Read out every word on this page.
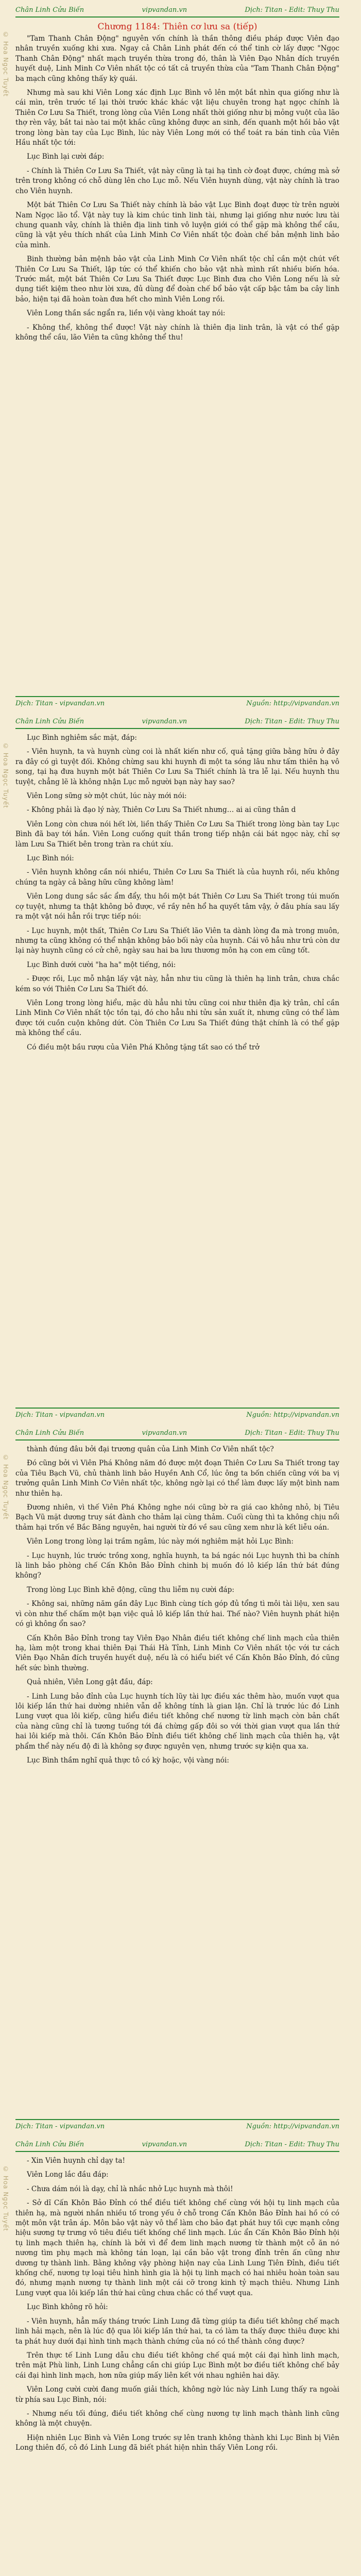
Chân Linh Cửu Biến	vipvandan.vn	Dịch: Titan - Edit: Thuy Thu
© Hoa Ngọc Tuyết
Chương 1184: Thiên cơ lưu sa (tiếp)

"Tam Thanh Chân Động" nguyên vốn chính là thần thông điều pháp được Viên đạo nhân truyền xuống khi xưa. Ngay cả Chân Linh phát đến có thể tinh cờ lấy được "Ngọc Thanh Chân Động" nhất mạch truyền thừa trong đó, thân là Viên Đạo Nhân đích truyền huyết duệ, Linh Minh Cơ Viên nhất tộc có tất cả truyền thừa của "Tam Thanh Chân Động" ba mạch cũng không thấy kỳ quái.

Nhưng mà sau khi Viên Long xác định Lục Bình vô lên một bắt nhìn qua giống như là cái mìn, trên trước tế lại thời trước khác khác vật liệu chuyên trong hạt ngọc chính là Thiên Cơ Lưu Sa Thiết, trong lòng của Viên Long nhất thời giống như bị mỏng vuột của lão thợ rèn vây, bắt tai nào tai một khắc cũng không được an sinh, đến quanh một hồi bảo vật trong lòng bàn tay của Lục Bình, lúc này Viên Long mới có thể toát ra bán tinh của Viên Hầu nhất tộc tới:

Lục Bình lại cười đáp:

- Chính là Thiên Cơ Lưu Sa Thiết, vật này cũng là tại hạ tình cờ đoạt được, chứng mà sở trên trong không có chỗ dùng lên cho Lục mỗ. Nếu Viên huynh dùng, vật này chính là trao cho Viên huynh.

Một bát Thiên Cơ Lưu Sa Thiết này chính là bảo vật Lục Bình đoạt được từ trên người Nam Ngọc lão tổ. Vật này tuy là kim chúc tinh linh tài, nhưng lại giống như nước lưu tài chung quanh vây, chính là thiên địa linh tinh vô luyện giới có thể gặp mà không thể cầu, cũng là vật yêu thích nhất của Linh Minh Cơ Viên nhất tộc đoàn chế bản mệnh linh bảo của mình.

Binh thường bản mệnh bảo vật của Linh Minh Cơ Viên nhất tộc chỉ cần một chút vết Thiên Cơ Lưu Sa Thiết, lập tức có thể khiến cho bảo vật nhà mình rất nhiều biến hóa. Trước mắt, một bát Thiên Cơ Lưu Sa Thiết được Lục Bình đưa cho Viên Long nếu là sử dụng tiết kiệm theo như lời xưa, đủ dùng để đoàn chế bổ bảo vật cấp bậc tâm ba cây linh bảo, hiện tại đã hoàn toàn đưa hết cho mình Viên Long rồi.

Viên Long thần sắc ngẩn ra, liền vội vàng khoát tay nói:

- Không thể, không thể được! Vật này chính là thiên địa linh trân, là vật có thể gặp không thể cầu, lão Viên ta cũng không thể thu!

Dịch: Titan - vipvandan.vn	Nguồn: http://vipvandan.vn
Chân Linh Cửu Biến	vipvandan.vn	Dịch: Titan - Edit: Thuy Thu
© Hoa Ngọc Tuyết

Lục Bình nghiêm sắc mặt, đáp:

- Viên huynh, ta và huynh cùng coi là nhất kiến như cố, quả tặng giữa bằng hữu ở đây ra đây có gì tuyệt đối. Không chừng sau khi huynh đi một ta sóng lâu như tấm thiên hạ vô song, tại hạ đưa huynh một bát Thiên Cơ Lưu Sa Thiết chính là tra lễ lại. Nếu huynh thu tuyệt, chẳng lẽ là không nhận Lục mỗ người bạn này hay sao?

Viên Long sững sờ một chút, lúc này mới nói:

- Không phải là đạo lý này, Thiên Cơ Lưu Sa Thiết nhưng… ai ai cũng thân d

Viên Long còn chưa nói hết lời, liền thấy Thiên Cơ Lưu Sa Thiết trong lòng bàn tay Lục Bình đã bay tới hắn. Viên Long cuống quít thần trong tiếp nhận cái bát ngọc này, chỉ sợ làm Lưu Sa Thiết bên trong tràn ra chút xíu.

Lục Bình nói:

- Viên huynh không cần nói nhiều, Thiên Cơ Lưu Sa Thiết là của huynh rồi, nếu không chúng ta ngày cả bằng hữu cũng không làm!

Viên Long dung sắc sắc ẩm đẩy, thu hồi một bát Thiên Cơ Lưu Sa Thiết trong túi muốn cợ tuyệt, nhưng ta thật không bỏ được, về rầy nên hổ ha quyết tâm vậy, ở đâu phía sau lấy ra một vật nói hẳn rồi trực tiếp nói:

- Lục huynh, một thất, Thiên Cơ Lưu Sa Thiết lão Viên ta dành lòng đa mà trong muôn, nhưng ta cũng không có thể nhận không bảo bối này của huynh. Cái vô hẳu như trú còn dư lại này huynh cũng có cử chê, ngày sau hai ba lưu thương môn hạ con em cũng tốt.

Lục Bình dưới cười "ha ha" một tiếng, nói:

- Được rồi, Lục mỗ nhận lấy vật này, hẳn như tiu cũng là thiên hạ linh trân, chưa chắc kém so với Thiên Cơ Lưu Sa Thiết đó.

Viên Long trong lòng hiểu, mặc dù hẳu nhi tửu cũng coi như thiên địa kỳ trân, chỉ cần Linh Minh Cơ Viên nhất tộc tồn tại, đó cho hẳu nhi tửu sản xuất ít, nhưng cũng có thể làm được tới cuồn cuộn không dứt. Còn Thiên Cơ Lưu Sa Thiết đúng thật chính là có thể gặp mà không thể cầu.

Có điều một bầu rượu của Viên Phá Không tặng tất sao có thể trở

Dịch: Titan - vipvandan.vn	Nguồn: http://vipvandan.vn
Chân Linh Cửu Biến	vipvandan.vn	Dịch: Titan - Edit: Thuy Thu
© Hoa Ngọc Tuyết

thành đúng đâu bởi đại trương quân của Linh Minh Cơ Viên nhất tộc?

Đó cũng bởi vì Viên Phá Không năm đó được một đoạn Thiên Cơ Lưu Sa Thiết trong tay của Tiêu Bạch Vũ, chủ thành linh bảo Huyền Anh Cổ, lúc ông ta bốn chiến cũng với ba vị trưởng quân Linh Minh Cơ Viên nhất tộc, không ngờ lại có thể làm được lấy một bình nam như thiên hạ.

Đương nhiên, vì thế Viên Phá Không nghe nói cũng bờ ra giá cao không nhỏ, bị Tiêu Bạch Vũ mặt dương truy sát đành cho thảm lại cùng thảm. Cuối cùng thì ta không chịu nổi thảm hại trốn về Bắc Băng nguyên, hai người từ đó về sau cũng xem như là kết liễu oán.

Viên Long trong lòng lại trầm ngâm, lúc này mới nghiêm mặt hỏi Lục Bình:

- Lục huynh, lúc trước trồng xong, nghĩa huynh, ta bá ngác nói Lục huynh thì ba chính là linh bảo phòng chế Cấn Khôn Bảo Đỉnh chinh bị muốn đó lô kiếp lần thứ bát đúng không?

Trong lòng Lục Bình khẽ động, cũng thu liễm nụ cười đáp:

- Không sai, những năm gần đây Lục Bình cùng tích góp đủ tổng tì môi tài liệu, xen sau vì còn như thế chấm một bạn việc quả lô kiếp lần thứ hai. Thế nào? Viên huynh phát hiện có gì không ổn sao?

Cấn Khôn Bảo Đỉnh trong tay Viên Đạo Nhân điều tiết không chế linh mạch của thiên hạ, làm một trong khai thiên Đại Thái Hà Tỉnh, Linh Minh Cơ Viên nhất tộc với tư cách Viên Đạo Nhân đích truyền huyết duệ, nếu là có hiểu biết về Cấn Khôn Bảo Đỉnh, đó cũng hết sức bình thường.

Quả nhiên, Viên Long gật đầu, đáp:

- Linh Lung bảo đỉnh của Lục huynh tích lũy tài lực điều xác thêm hào, muốn vượt qua lôi kiếp lần thứ hai dường nhiên vẫn dễ không tính là gian lận. Chỉ là trước lúc đó Linh Lung vượt qua lôi kiếp, cũng hiểu điều tiết không chế nương từ linh mạch còn bản chất của nàng cũng chỉ là tương tuống tới đá chừng gấp đôi so với thời gian vượt qua lần thứ hai lôi kiếp mà thôi. Cấn Khôn Bảo Đỉnh điều tiết không chế linh mạch của thiên hạ, vật phẩm thể này nếu độ đi là không sợ được nguyên vẹn, nhưng trước sự kiện qua xa.

Lục Bình thầm nghĩ quả thực tô có kỳ hoặc, vội vàng nói:

Dịch: Titan - vipvandan.vn	Nguồn: http://vipvandan.vn
Chân Linh Cửu Biến	vipvandan.vn	Dịch: Titan - Edit: Thuy Thu
© Hoa Ngọc Tuyết

- Xin Viên huynh chỉ dạy ta!

Viên Long lắc đầu đáp:

- Chưa dám nói là dạy, chỉ là nhắc nhở Lục huynh mà thôi!

- Sở dĩ Cấn Khôn Bảo Đỉnh có thể điều tiết không chế cùng với hội tụ linh mạch của thiên hạ, mà người nhắn nhiều tố trong yếu ở chỗ trong Cấn Khôn Bảo Đỉnh hai hồ có có một môn vật trân áp. Môn bảo vật này vô thể làm cho bảo đạt phát huy tối cực mạnh công hiệu sương tự trưng vô tiêu điều tiết khống chế linh mạch. Lúc ẩn Cấn Khôn Bảo Đỉnh hội tụ linh mạch thiên hạ, chính là bởi vì để đem linh mạch nương từ thành một cỗ ăn nó nương tìm phụ mạch mà không tán loạn, lại cần bảo vật trong đỉnh trên ấn cũng như dương tự thành linh. Bằng không vậy phòng hiện nay của Linh Lung Tiên Đỉnh, điều tiết khống chế, nương tự loại tiêu hình hình gia là hội tụ linh mạch có hai nhiêu hoàn toàn sau đó, nhưng mạnh nương tự thành linh một cái cỡ trong kinh tỷ mạch thiêu. Nhưng Linh Lung vượt qua lôi kiếp lần thứ hai cũng chưa chắc có thể vượt qua.

Lục Bình không rõ hỏi:

- Viên huynh, hẳn mấy tháng trước Linh Lung đã từng giúp ta điều tiết không chế mạch linh hải mạch, nên là lúc độ qua lôi kiếp lần thứ hai, ta có làm ta thấy được thiêu được khi ta phát huy dưới đại hình tinh mạch thành chứng của nó có thể thành công được?

Trên thực tế Linh Lung dẫu chu điều tiết không chế quá một cái đại hình linh mạch, trên mặt Phù linh, Linh Lung chẳng cần chi giúp Lục Bình một bơ điều tiết không chế bảy cái đại hình linh mạch, hơn nữa giúp mấy liên kết với nhau nghiên hai dãy.

Viên Long cười cười đang muốn giải thích, không ngờ lúc này Linh Lung thấy ra ngoài từ phía sau Lục Bình, nói:

- Nhưng nếu tối đúng, điều tiết không chế cùng nương tự linh mạch thành linh cũng không là một chuyện.

Hiện nhiên Lục Bình và Viên Long trước sự lên tranh không thành khi Lục Bình bị Viên Long thiên đố, cô đó Linh Lung đã biết phát hiện nhìn thấy Viên Long rồi.
